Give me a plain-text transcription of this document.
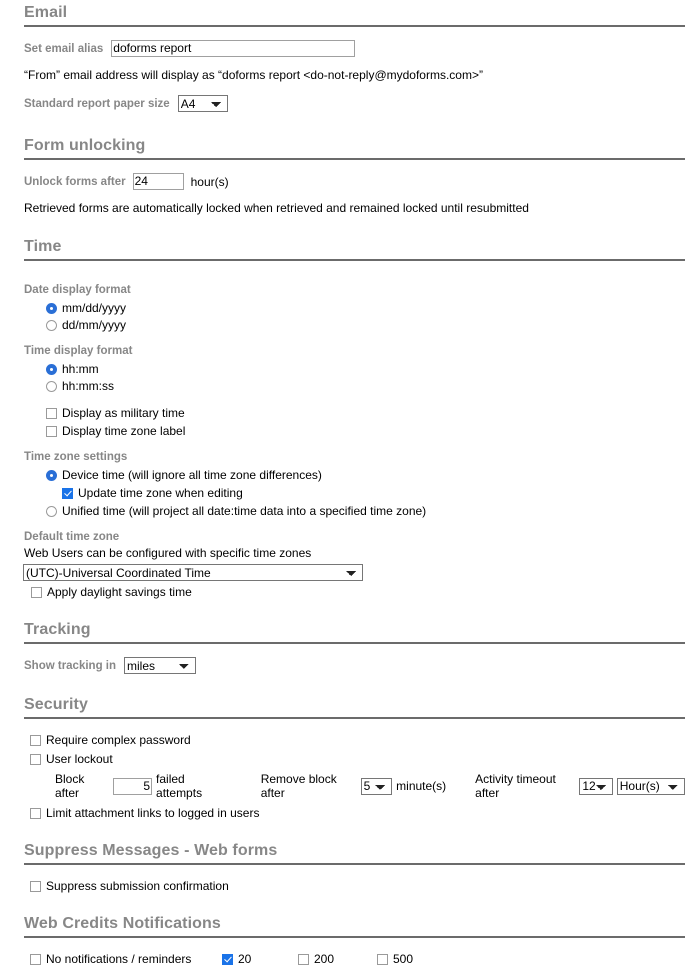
Email
Set email alias
doforms report
“From” email address will display as “doforms report <do-not-reply@mydoforms.com>”
Standard report paper size
A4
Form unlocking
Unlock forms after
24	hour(s)
Retrieved forms are automatically locked when retrieved and remained locked until resubmitted
Time
Date display format
mm/dd/yyyy
dd/mm/yyyy
Time display format
hh:mm
hh:mm:ss
Display as military time
Display time zone label
Time zone settings
Device time (will ignore all time zone differences)
Update time zone when editing
Unified time (will project all date:time data into a specified time zone)
Default time zone
Web Users can be configured with specific time zones
(UTC)-Universal Coordinated Time
Apply daylight savings time
Tracking
Show tracking in
miles
Security
Require complex password
User lockout
Block after
5
failed attempts
Remove block after
5	minute(s) Activity timeout after
12
Hour(s)
Limit attachment links to logged in users
Suppress Messages - Web forms
Suppress submission confirmation
Web Credits Notifications
No notifications / reminders	20	200	500
